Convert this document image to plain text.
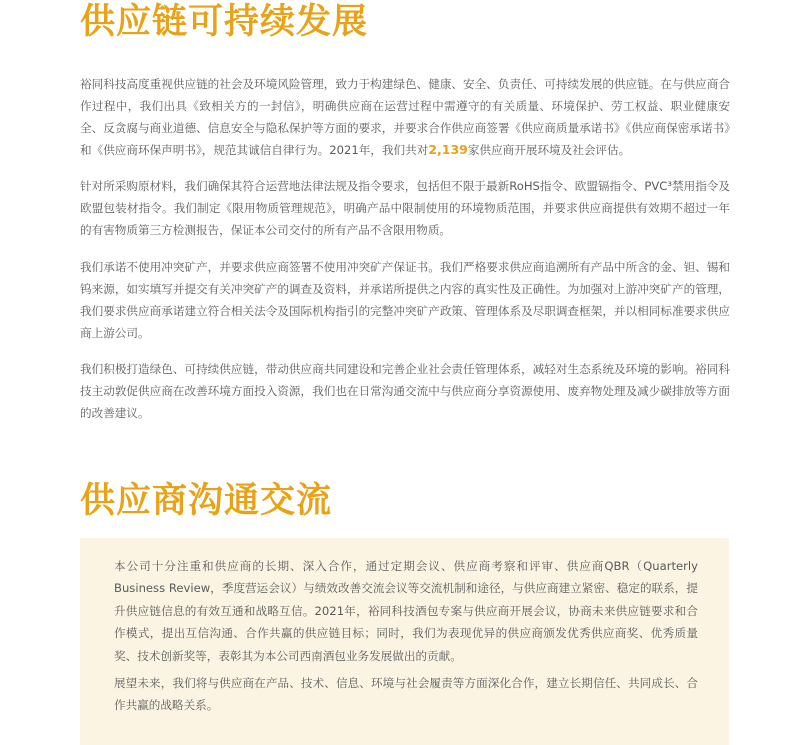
供应链可持续发展

裕同科技高度重视供应链的社会及环境风险管理，致力于构建绿色、健康、安全、负责任、可持续发展的供应链。在与供应商合作过程中，我们出具《致相关方的一封信》，明确供应商在运营过程中需遵守的有关质量、环境保护、劳工权益、职业健康安全、反贪腐与商业道德、信息安全与隐私保护等方面的要求，并要求合作供应商签署《供应商质量承诺书》《供应商保密承诺书》和《供应商环保声明书》，规范其诚信自律行为。2021年，我们共对2,139家供应商开展环境及社会评估。

针对所采购原材料，我们确保其符合运营地法律法规及指令要求，包括但不限于最新RoHS指令、欧盟镉指令、PVC³禁用指令及欧盟包装材指令。我们制定《限用物质管理规范》，明确产品中限制使用的环境物质范围，并要求供应商提供有效期不超过一年的有害物质第三方检测报告，保证本公司交付的所有产品不含限用物质。

我们承诺不使用冲突矿产，并要求供应商签署不使用冲突矿产保证书。我们严格要求供应商追溯所有产品中所含的金、钽、锡和钨来源，如实填写并提交有关冲突矿产的调查及资料，并承诺所提供之内容的真实性及正确性。为加强对上游冲突矿产的管理，我们要求供应商承诺建立符合相关法令及国际机构指引的完整冲突矿产政策、管理体系及尽职调查框架，并以相同标准要求供应商上游公司。

我们积极打造绿色、可持续供应链，带动供应商共同建设和完善企业社会责任管理体系，减轻对生态系统及环境的影响。裕同科技主动敦促供应商在改善环境方面投入资源，我们也在日常沟通交流中与供应商分享资源使用、废弃物处理及减少碳排放等方面的改善建议。

供应商沟通交流

本公司十分注重和供应商的长期、深入合作，通过定期会议、供应商考察和评审、供应商QBR（Quarterly Business Review，季度营运会议）与绩效改善交流会议等交流机制和途径，与供应商建立紧密、稳定的联系，提升供应链信息的有效互通和战略互信。2021年，裕同科技酒包专案与供应商开展会议，协商未来供应链要求和合作模式，提出互信沟通、合作共赢的供应链目标；同时，我们为表现优异的供应商颁发优秀供应商奖、优秀质量奖、技术创新奖等，表彰其为本公司西南酒包业务发展做出的贡献。

展望未来，我们将与供应商在产品、技术、信息、环境与社会履责等方面深化合作，建立长期信任、共同成长、合作共赢的战略关系。
